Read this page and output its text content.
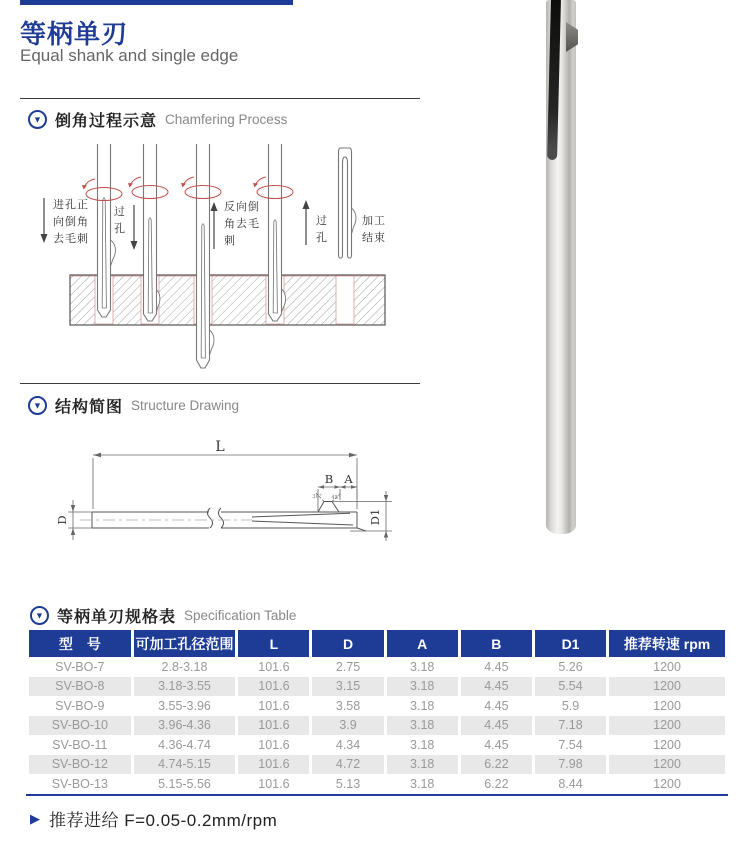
等柄单刃
Equal shank and single edge
▼ 倒角过程示意 Chamfering Process
进孔正向倒角去毛刺
过孔
反向倒角去毛刺
过孔
加工结束
▼ 结构简图 Structure Drawing
L
B A
D	D1
30° 45°
▼ 等柄单刃规格表 Specification Table
型　号	可加工孔径范围	L	D	A	B	D1	推荐转速 rpm
SV-BO-7	2.8-3.18	101.6	2.75	3.18	4.45	5.26	1200
SV-BO-8	3.18-3.55	101.6	3.15	3.18	4.45	5.54	1200
SV-BO-9	3.55-3.96	101.6	3.58	3.18	4.45	5.9	1200
SV-BO-10	3.96-4.36	101.6	3.9	3.18	4.45	7.18	1200
SV-BO-11	4.36-4.74	101.6	4.34	3.18	4.45	7.54	1200
SV-BO-12	4.74-5.15	101.6	4.72	3.18	6.22	7.98	1200
SV-BO-13	5.15-5.56	101.6	5.13	3.18	6.22	8.44	1200
▶ 推荐进给 F=0.05-0.2mm/rpm
